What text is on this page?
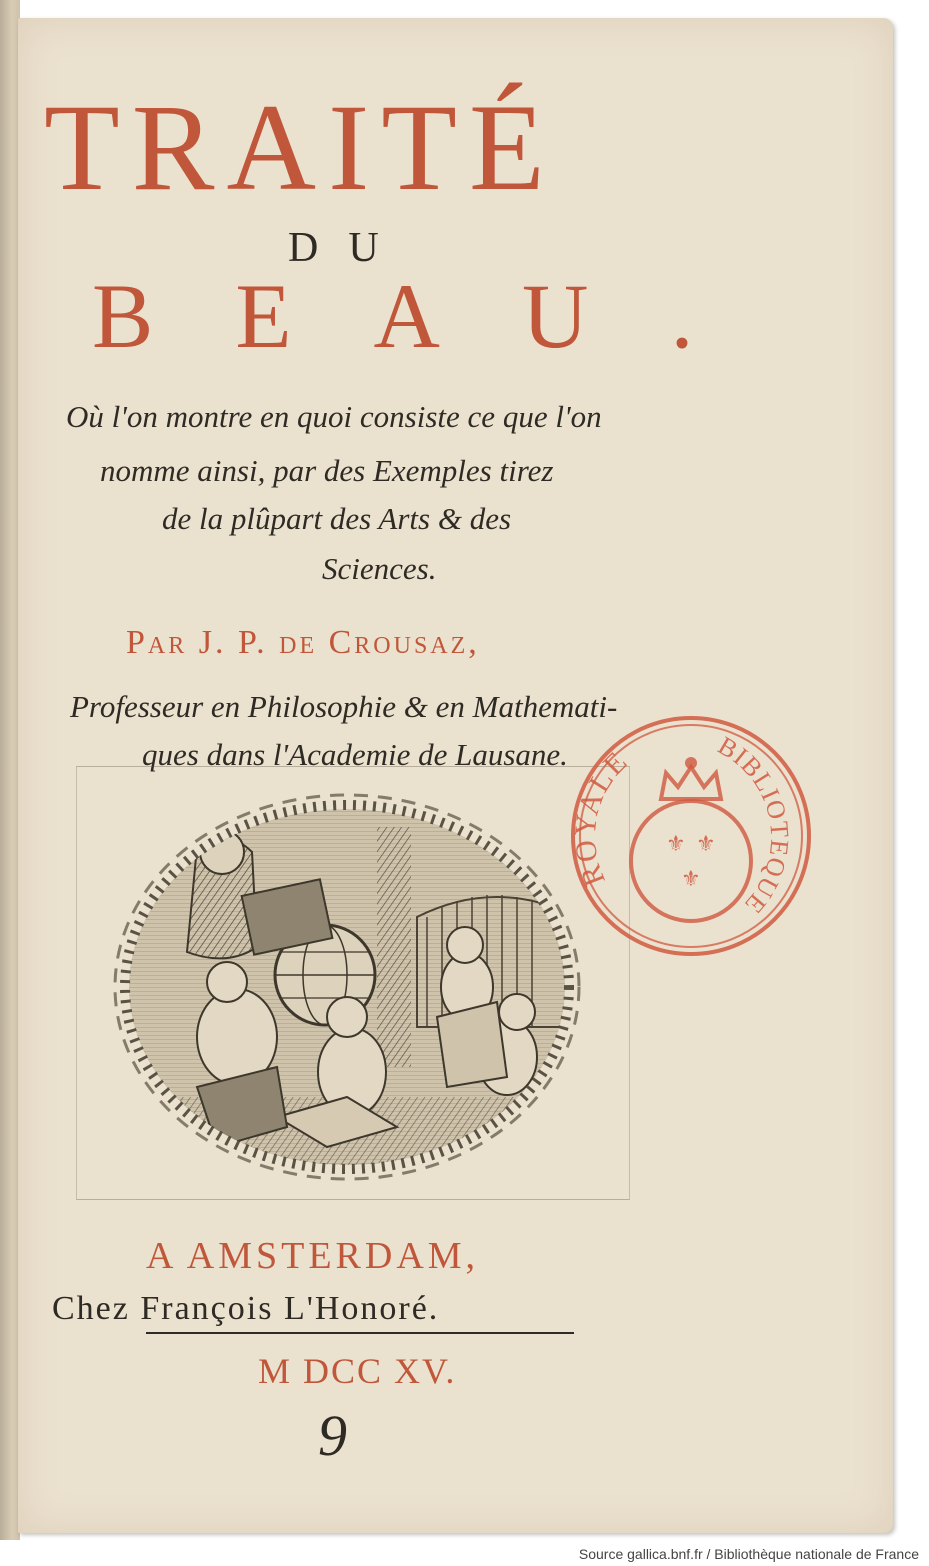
TRAITÉ
DU
BEAU.
Où l'on montre en quoi consiste ce que l'on
nomme ainsi, par des Exemples tirez
de la plûpart des Arts & des
Sciences.
Par J. P. de Crousaz,
Professeur en Philosophie & en Mathemati-
ques dans l'Academie de Lausane.
⚜ ⚜ ⚜
ROYALE	BIBLIOTEQUE
A AMSTERDAM,
Chez François L'Honoré.
M DCC XV.
9
Source gallica.bnf.fr / Bibliothèque nationale de France
